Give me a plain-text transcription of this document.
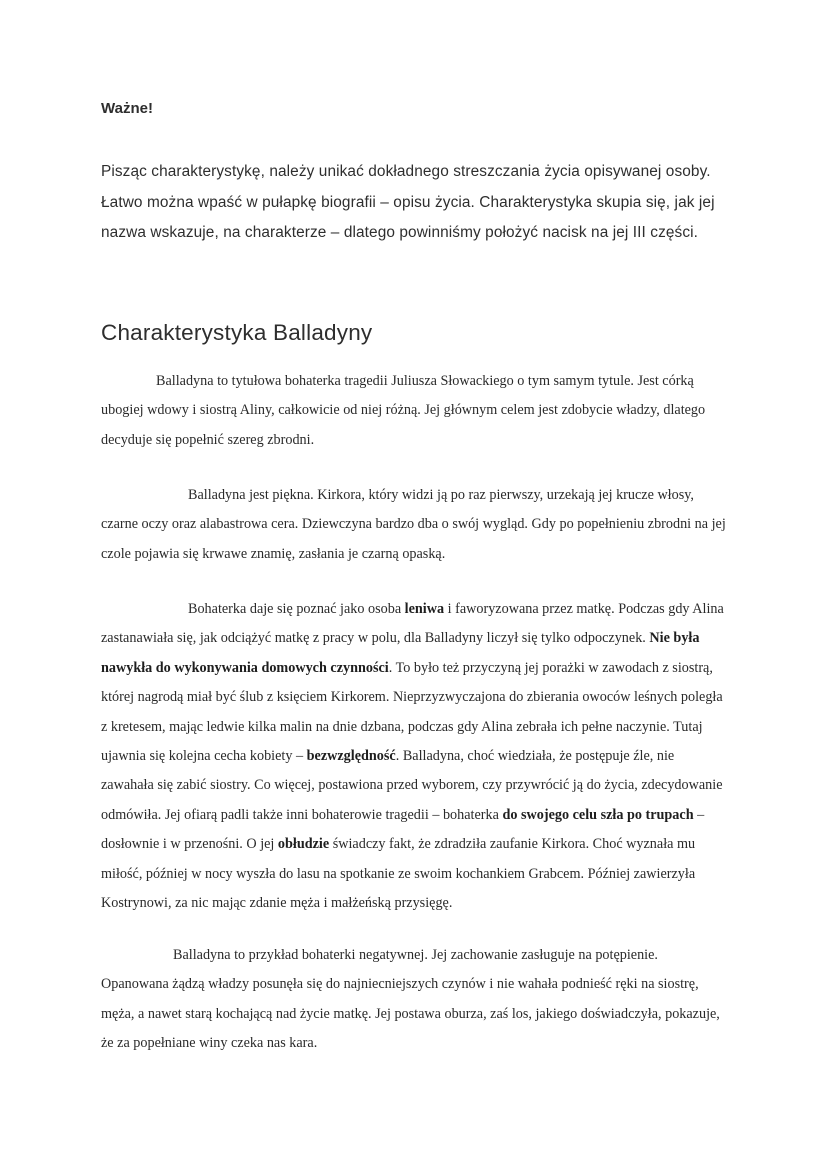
Ważne!

Pisząc charakterystykę, należy unikać dokładnego streszczania życia opisywanej osoby. Łatwo można wpaść w pułapkę biografii – opisu życia. Charakterystyka skupia się, jak jej nazwa wskazuje, na charakterze – dlatego powinniśmy położyć nacisk na jej III części.

Charakterystyka Balladyny

Balladyna to tytułowa bohaterka tragedii Juliusza Słowackiego o tym samym tytule. Jest córką ubogiej wdowy i siostrą Aliny, całkowicie od niej różną. Jej głównym celem jest zdobycie władzy, dlatego decyduje się popełnić szereg zbrodni.

Balladyna jest piękna. Kirkora, który widzi ją po raz pierwszy, urzekają jej krucze włosy, czarne oczy oraz alabastrowa cera. Dziewczyna bardzo dba o swój wygląd. Gdy po popełnieniu zbrodni na jej czole pojawia się krwawe znamię, zasłania je czarną opaską.

Bohaterka daje się poznać jako osoba leniwa i faworyzowana przez matkę. Podczas gdy Alina zastanawiała się, jak odciążyć matkę z pracy w polu, dla Balladyny liczył się tylko odpoczynek. Nie była nawykła do wykonywania domowych czynności. To było też przyczyną jej porażki w zawodach z siostrą, której nagrodą miał być ślub z księciem Kirkorem. Nieprzyzwyczajona do zbierania owoców leśnych poległa z kretesem, mając ledwie kilka malin na dnie dzbana, podczas gdy Alina zebrała ich pełne naczynie. Tutaj ujawnia się kolejna cecha kobiety – bezwzględność. Balladyna, choć wiedziała, że postępuje źle, nie zawahała się zabić siostry. Co więcej, postawiona przed wyborem, czy przywrócić ją do życia, zdecydowanie odmówiła. Jej ofiarą padli także inni bohaterowie tragedii – bohaterka do swojego celu szła po trupach – dosłownie i w przenośni. O jej obłudzie świadczy fakt, że zdradziła zaufanie Kirkora. Choć wyznała mu miłość, później w nocy wyszła do lasu na spotkanie ze swoim kochankiem Grabcem. Później zawierzyła Kostrynowi, za nic mając zdanie męża i małżeńską przysięgę.

Balladyna to przykład bohaterki negatywnej. Jej zachowanie zasługuje na potępienie. Opanowana żądzą władzy posunęła się do najniecniejszych czynów i nie wahała podnieść ręki na siostrę, męża, a nawet starą kochającą nad życie matkę. Jej postawa oburza, zaś los, jakiego doświadczyła, pokazuje, że za popełniane winy czeka nas kara.
